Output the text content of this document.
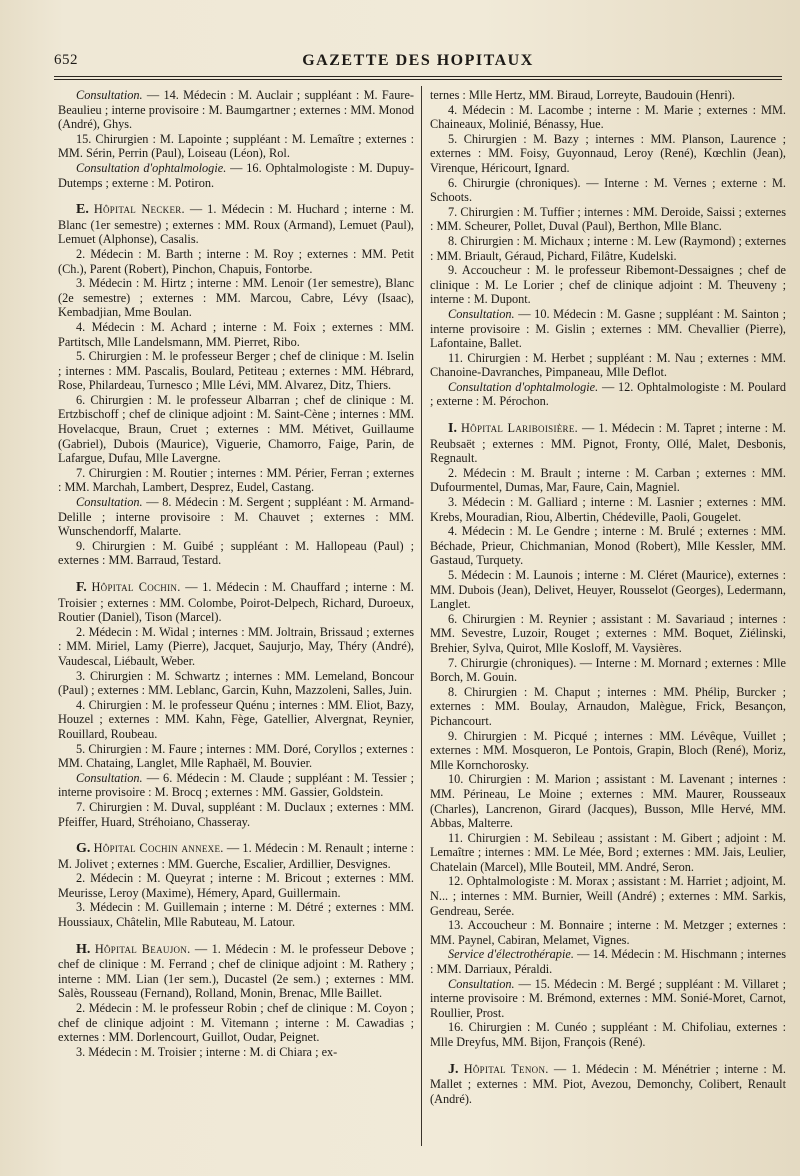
652	GAZETTE DES HOPITAUX

Consultation. — 14. Médecin : M. Auclair ; suppléant : M. Faure-Beaulieu ; interne provisoire : M. Baumgartner ; externes : MM. Monod (André), Ghys.

15. Chirurgien : M. Lapointe ; suppléant : M. Lemaître ; externes : MM. Sérin, Perrin (Paul), Loiseau (Léon), Rol.

Consultation d'ophtalmologie. — 16. Ophtalmologiste : M. Dupuy-Dutemps ; externe : M. Potiron.

E. Hôpital Necker. — 1. Médecin : M. Huchard ; interne : M. Blanc (1er semestre) ; externes : MM. Roux (Armand), Lemuet (Paul), Lemuet (Alphonse), Casalis.

2. Médecin : M. Barth ; interne : M. Roy ; externes : MM. Petit (Ch.), Parent (Robert), Pinchon, Chapuis, Fontorbe.

3. Médecin : M. Hirtz ; interne : MM. Lenoir (1er semestre), Blanc (2e semestre) ; externes : MM. Marcou, Cabre, Lévy (Isaac), Kembadjian, Mme Boulan.

4. Médecin : M. Achard ; interne : M. Foix ; externes : MM. Partitsch, Mlle Landelsmann, MM. Pierret, Ribo.

5. Chirurgien : M. le professeur Berger ; chef de clinique : M. Iselin ; internes : MM. Pascalis, Boulard, Petiteau ; externes : MM. Hébrard, Rose, Philardeau, Turnesco ; Mlle Lévi, MM. Alvarez, Ditz, Thiers.

6. Chirurgien : M. le professeur Albarran ; chef de clinique : M. Ertzbischoff ; chef de clinique adjoint : M. Saint-Cène ; internes : MM. Hovelacque, Braun, Cruet ; externes : MM. Métivet, Guillaume (Gabriel), Dubois (Maurice), Viguerie, Chamorro, Faige, Parin, de Lafargue, Dufau, Mlle Lavergne.

7. Chirurgien : M. Routier ; internes : MM. Périer, Ferran ; externes : MM. Marchah, Lambert, Desprez, Eudel, Castang.

Consultation. — 8. Médecin : M. Sergent ; suppléant : M. Armand-Delille ; interne provisoire : M. Chauvet ; externes : MM. Wunschendorff, Malarte.

9. Chirurgien : M. Guibé ; suppléant : M. Hallopeau (Paul) ; externes : MM. Barraud, Testard.

F. Hôpital Cochin. — 1. Médecin : M. Chauffard ; interne : M. Troisier ; externes : MM. Colombe, Poirot-Delpech, Richard, Duroeux, Routier (Daniel), Tison (Marcel).

2. Médecin : M. Widal ; internes : MM. Joltrain, Brissaud ; externes : MM. Miriel, Lamy (Pierre), Jacquet, Saujurjo, May, Théry (André), Vaudescal, Liébault, Weber.

3. Chirurgien : M. Schwartz ; internes : MM. Lemeland, Boncour (Paul) ; externes : MM. Leblanc, Garcin, Kuhn, Mazzoleni, Salles, Juin.

4. Chirurgien : M. le professeur Quénu ; internes : MM. Eliot, Bazy, Houzel ; externes : MM. Kahn, Fège, Gatellier, Alvergnat, Reynier, Rouillard, Roubeau.

5. Chirurgien : M. Faure ; internes : MM. Doré, Coryllos ; externes : MM. Chataing, Langlet, Mlle Raphaël, M. Bouvier.

Consultation. — 6. Médecin : M. Claude ; suppléant : M. Tessier ; interne provisoire : M. Brocq ; externes : MM. Gassier, Goldstein.

7. Chirurgien : M. Duval, suppléant : M. Duclaux ; externes : MM. Pfeiffer, Huard, Stréhoiano, Chasseray.

G. Hôpital Cochin annexe. — 1. Médecin : M. Renault ; interne : M. Jolivet ; externes : MM. Guerche, Escalier, Ardillier, Desvignes.

2. Médecin : M. Queyrat ; interne : M. Bricout ; externes : MM. Meurisse, Leroy (Maxime), Hémery, Apard, Guillermain.

3. Médecin : M. Guillemain ; interne : M. Détré ; externes : MM. Houssiaux, Châtelin, Mlle Rabuteau, M. Latour.

H. Hôpital Beaujon. — 1. Médecin : M. le professeur Debove ; chef de clinique : M. Ferrand ; chef de clinique adjoint : M. Rathery ; interne : MM. Lian (1er sem.), Ducastel (2e sem.) ; externes : MM. Salès, Rousseau (Fernand), Rolland, Monin, Brenac, Mlle Baillet.

2. Médecin : M. le professeur Robin ; chef de clinique : M. Coyon ; chef de clinique adjoint : M. Vitemann ; interne : M. Cawadias ; externes : MM. Dorlencourt, Guillot, Oudar, Peignet.

3. Médecin : M. Troisier ; interne : M. di Chiara ; ex-

ternes : Mlle Hertz, MM. Biraud, Lorreyte, Baudouin (Henri).

4. Médecin : M. Lacombe ; interne : M. Marie ; externes : MM. Chaineaux, Molinié, Bénassy, Hue.

5. Chirurgien : M. Bazy ; internes : MM. Planson, Laurence ; externes : MM. Foisy, Guyonnaud, Leroy (René), Kœchlin (Jean), Virenque, Héricourt, Ignard.

6. Chirurgie (chroniques). — Interne : M. Vernes ; externe : M. Schoots.

7. Chirurgien : M. Tuffier ; internes : MM. Deroide, Saissi ; externes : MM. Scheurer, Pollet, Duval (Paul), Berthon, Mlle Blanc.

8. Chirurgien : M. Michaux ; interne : M. Lew (Raymond) ; externes : MM. Briault, Géraud, Pichard, Filâtre, Kudelski.

9. Accoucheur : M. le professeur Ribemont-Dessaignes ; chef de clinique : M. Le Lorier ; chef de clinique adjoint : M. Theuveny ; interne : M. Dupont.

Consultation. — 10. Médecin : M. Gasne ; suppléant : M. Sainton ; interne provisoire : M. Gislin ; externes : MM. Chevallier (Pierre), Lafontaine, Ballet.

11. Chirurgien : M. Herbet ; suppléant : M. Nau ; externes : MM. Chanoine-Davranches, Pimpaneau, Mlle Deflot.

Consultation d'ophtalmologie. — 12. Ophtalmologiste : M. Poulard ; externe : M. Pérochon.

I. Hôpital Lariboisière. — 1. Médecin : M. Tapret ; interne : M. Reubsaët ; externes : MM. Pignot, Fronty, Ollé, Malet, Desbonis, Regnault.

2. Médecin : M. Brault ; interne : M. Carban ; externes : MM. Dufourmentel, Dumas, Mar, Faure, Cain, Magniel.

3. Médecin : M. Galliard ; interne : M. Lasnier ; externes : MM. Krebs, Mouradian, Riou, Albertin, Chédeville, Paoli, Gougelet.

4. Médecin : M. Le Gendre ; interne : M. Brulé ; externes : MM. Béchade, Prieur, Chichmanian, Monod (Robert), Mlle Kessler, MM. Gastaud, Turquety.

5. Médecin : M. Launois ; interne : M. Cléret (Maurice), externes : MM. Dubois (Jean), Delivet, Heuyer, Rousselot (Georges), Ledermann, Langlet.

6. Chirurgien : M. Reynier ; assistant : M. Savariaud ; internes : MM. Sevestre, Luzoir, Rouget ; externes : MM. Boquet, Ziélinski, Brehier, Sylva, Quirot, Mlle Kosloff, M. Vaysières.

7. Chirurgie (chroniques). — Interne : M. Mornard ; externes : Mlle Borch, M. Gouin.

8. Chirurgien : M. Chaput ; internes : MM. Phélip, Burcker ; externes : MM. Boulay, Arnaudon, Malègue, Frick, Besançon, Pichancourt.

9. Chirurgien : M. Picqué ; internes : MM. Lévêque, Vuillet ; externes : MM. Mosqueron, Le Pontois, Grapin, Bloch (René), Moriz, Mlle Kornchorosky.

10. Chirurgien : M. Marion ; assistant : M. Lavenant ; internes : MM. Périneau, Le Moine ; externes : MM. Maurer, Rousseaux (Charles), Lancrenon, Girard (Jacques), Busson, Mlle Hervé, MM. Abbas, Malterre.

11. Chirurgien : M. Sebileau ; assistant : M. Gibert ; adjoint : M. Lemaître ; internes : MM. Le Mée, Bord ; externes : MM. Jais, Leulier, Chatelain (Marcel), Mlle Bouteil, MM. André, Seron.

12. Ophtalmologiste : M. Morax ; assistant : M. Harriet ; adjoint, M. N... ; internes : MM. Burnier, Weill (André) ; externes : MM. Sarkis, Gendreau, Serée.

13. Accoucheur : M. Bonnaire ; interne : M. Metzger ; externes : MM. Paynel, Cabiran, Melamet, Vignes.

Service d'électrothérapie. — 14. Médecin : M. Hischmann ; internes : MM. Darriaux, Péraldi.

Consultation. — 15. Médecin : M. Bergé ; suppléant : M. Villaret ; interne provisoire : M. Brémond, externes : MM. Sonié-Moret, Carnot, Roullier, Prost.

16. Chirurgien : M. Cunéo ; suppléant : M. Chifoliau, externes : Mlle Dreyfus, MM. Bijon, François (René).

J. Hôpital Tenon. — 1. Médecin : M. Ménétrier ; interne : M. Mallet ; externes : MM. Piot, Avezou, Demonchy, Colibert, Renault (André).
